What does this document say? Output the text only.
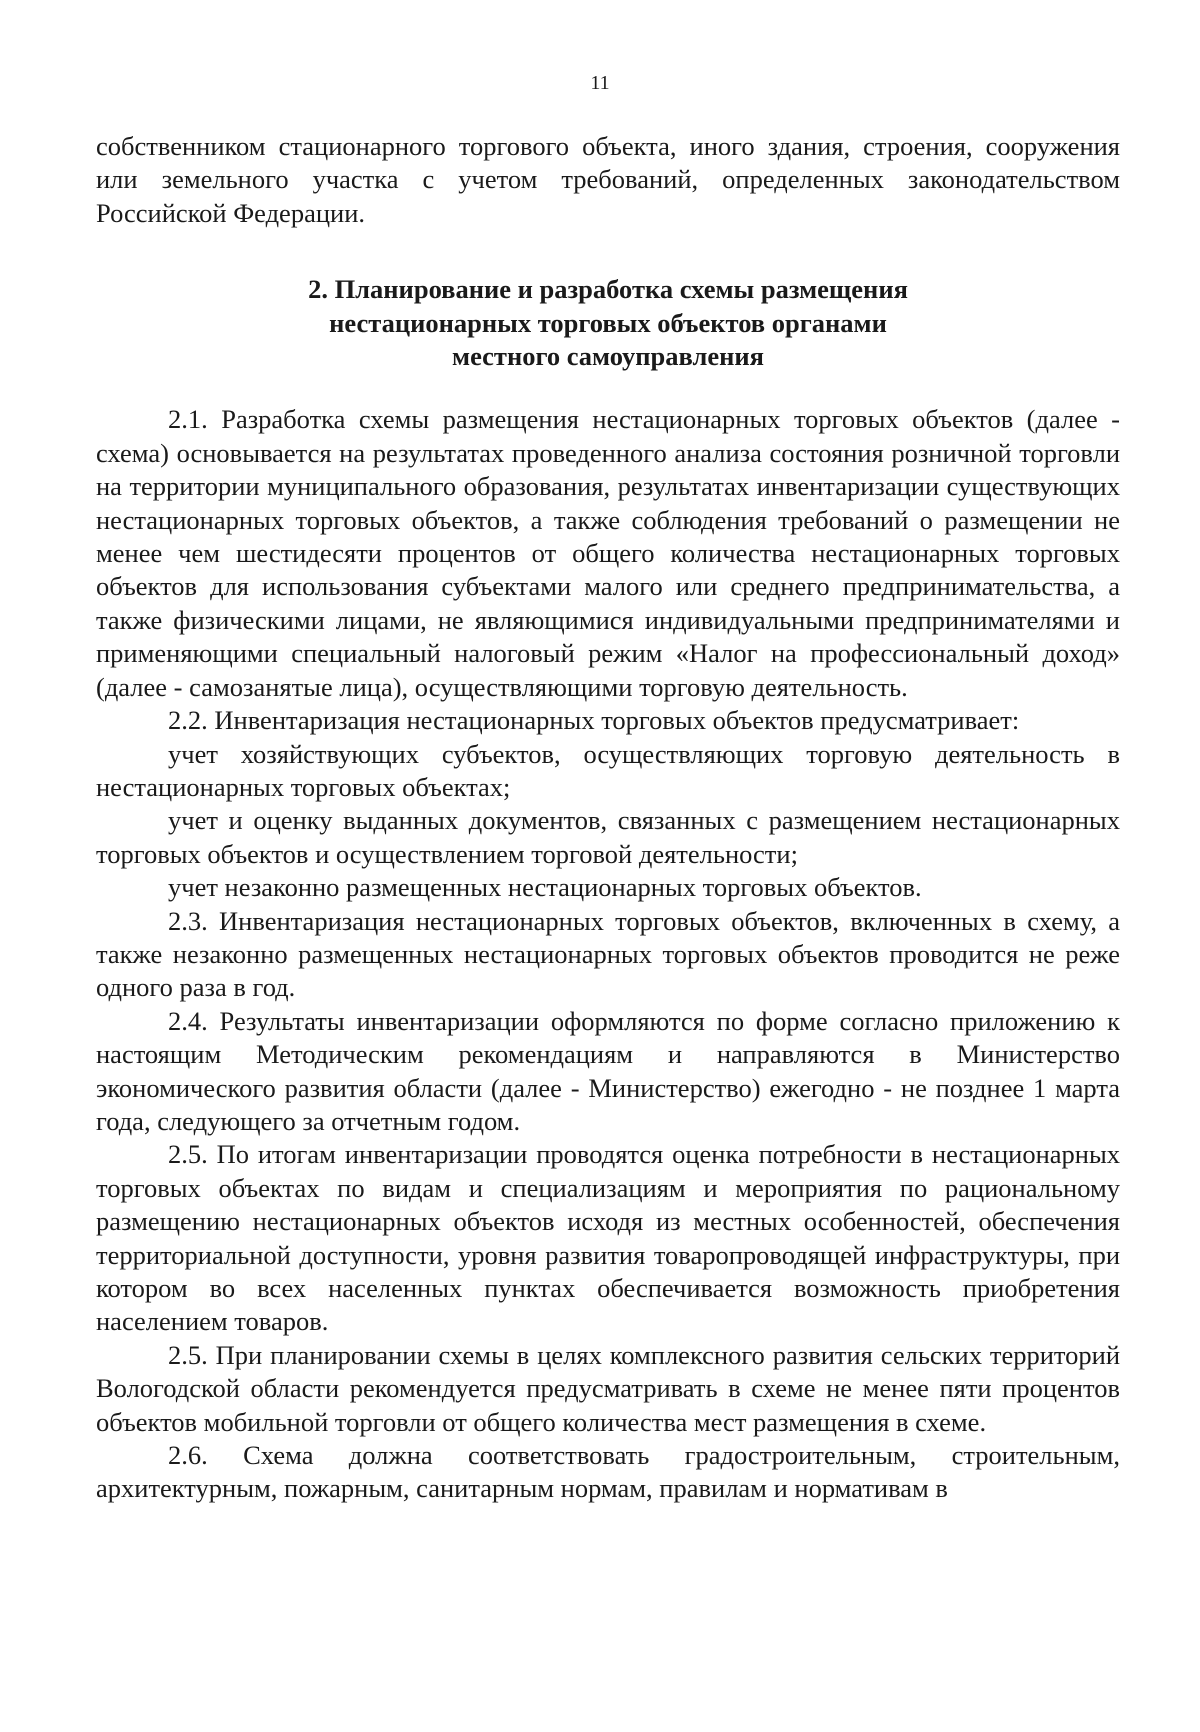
11

собственником стационарного торгового объекта, иного здания, строения, сооружения или земельного участка с учетом требований, определенных законодательством Российской Федерации.

2. Планирование и разработка схемы размещения
нестационарных торговых объектов органами
местного самоуправления

2.1. Разработка схемы размещения нестационарных торговых объектов (далее - схема) основывается на результатах проведенного анализа состояния розничной торговли на территории муниципального образования, результатах инвентаризации существующих нестационарных торговых объектов, а также соблюдения требований о размещении не менее чем шестидесяти процентов от общего количества нестационарных торговых объектов для использования субъектами малого или среднего предпринимательства, а также физическими лицами, не являющимися индивидуальными предпринимателями и применяющими специальный налоговый режим «Налог на профессиональный доход» (далее - самозанятые лица), осуществляющими торговую деятельность.

2.2. Инвентаризация нестационарных торговых объектов предусматривает:

учет хозяйствующих субъектов, осуществляющих торговую деятельность в нестационарных торговых объектах;

учет и оценку выданных документов, связанных с размещением нестационарных торговых объектов и осуществлением торговой деятельности;

учет незаконно размещенных нестационарных торговых объектов.

2.3. Инвентаризация нестационарных торговых объектов, включенных в схему, а также незаконно размещенных нестационарных торговых объектов проводится не реже одного раза в год.

2.4. Результаты инвентаризации оформляются по форме согласно приложению к настоящим Методическим рекомендациям и направляются в Министерство экономического развития области (далее - Министерство) ежегодно - не позднее 1 марта года, следующего за отчетным годом.

2.5. По итогам инвентаризации проводятся оценка потребности в нестационарных торговых объектах по видам и специализациям и мероприятия по рациональному размещению нестационарных объектов исходя из местных особенностей, обеспечения территориальной доступности, уровня развития товаропроводящей инфраструктуры, при котором во всех населенных пунктах обеспечивается возможность приобретения населением товаров.

2.5. При планировании схемы в целях комплексного развития сельских территорий Вологодской области рекомендуется предусматривать в схеме не менее пяти процентов объектов мобильной торговли от общего количества мест размещения в схеме.

2.6. Схема должна соответствовать градостроительным, строительным, архитектурным, пожарным, санитарным нормам, правилам и нормативам в
